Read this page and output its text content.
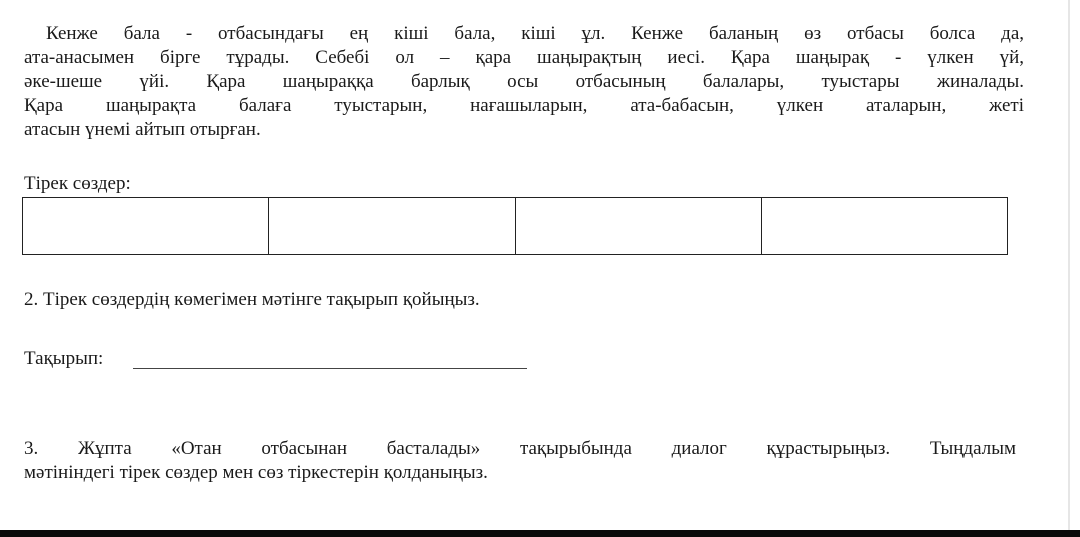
Кенже бала - отбасындағы ең кіші бала, кіші ұл. Кенже баланың өз отбасы болса да,
ата-анасымен бірге тұрады. Себебі ол – қара шаңырақтың иесі. Қара шаңырақ - үлкен үй,
әке-шеше үйі. Қара шаңыраққа барлық осы отбасының балалары, туыстары жиналады.
Қара шаңырақта балаға туыстарын, нағашыларын, ата-бабасын, үлкен аталарын, жеті
атасын үнемі айтып отырған.

Тірек сөздер:

2. Тірек сөздердің көмегімен мәтінге тақырып қойыңыз.

Тақырып:

3. Жұпта «Отан отбасынан басталады» тақырыбында диалог құрастырыңыз. Тыңдалым
мәтініндегі тірек сөздер мен сөз тіркестерін қолданыңыз.
